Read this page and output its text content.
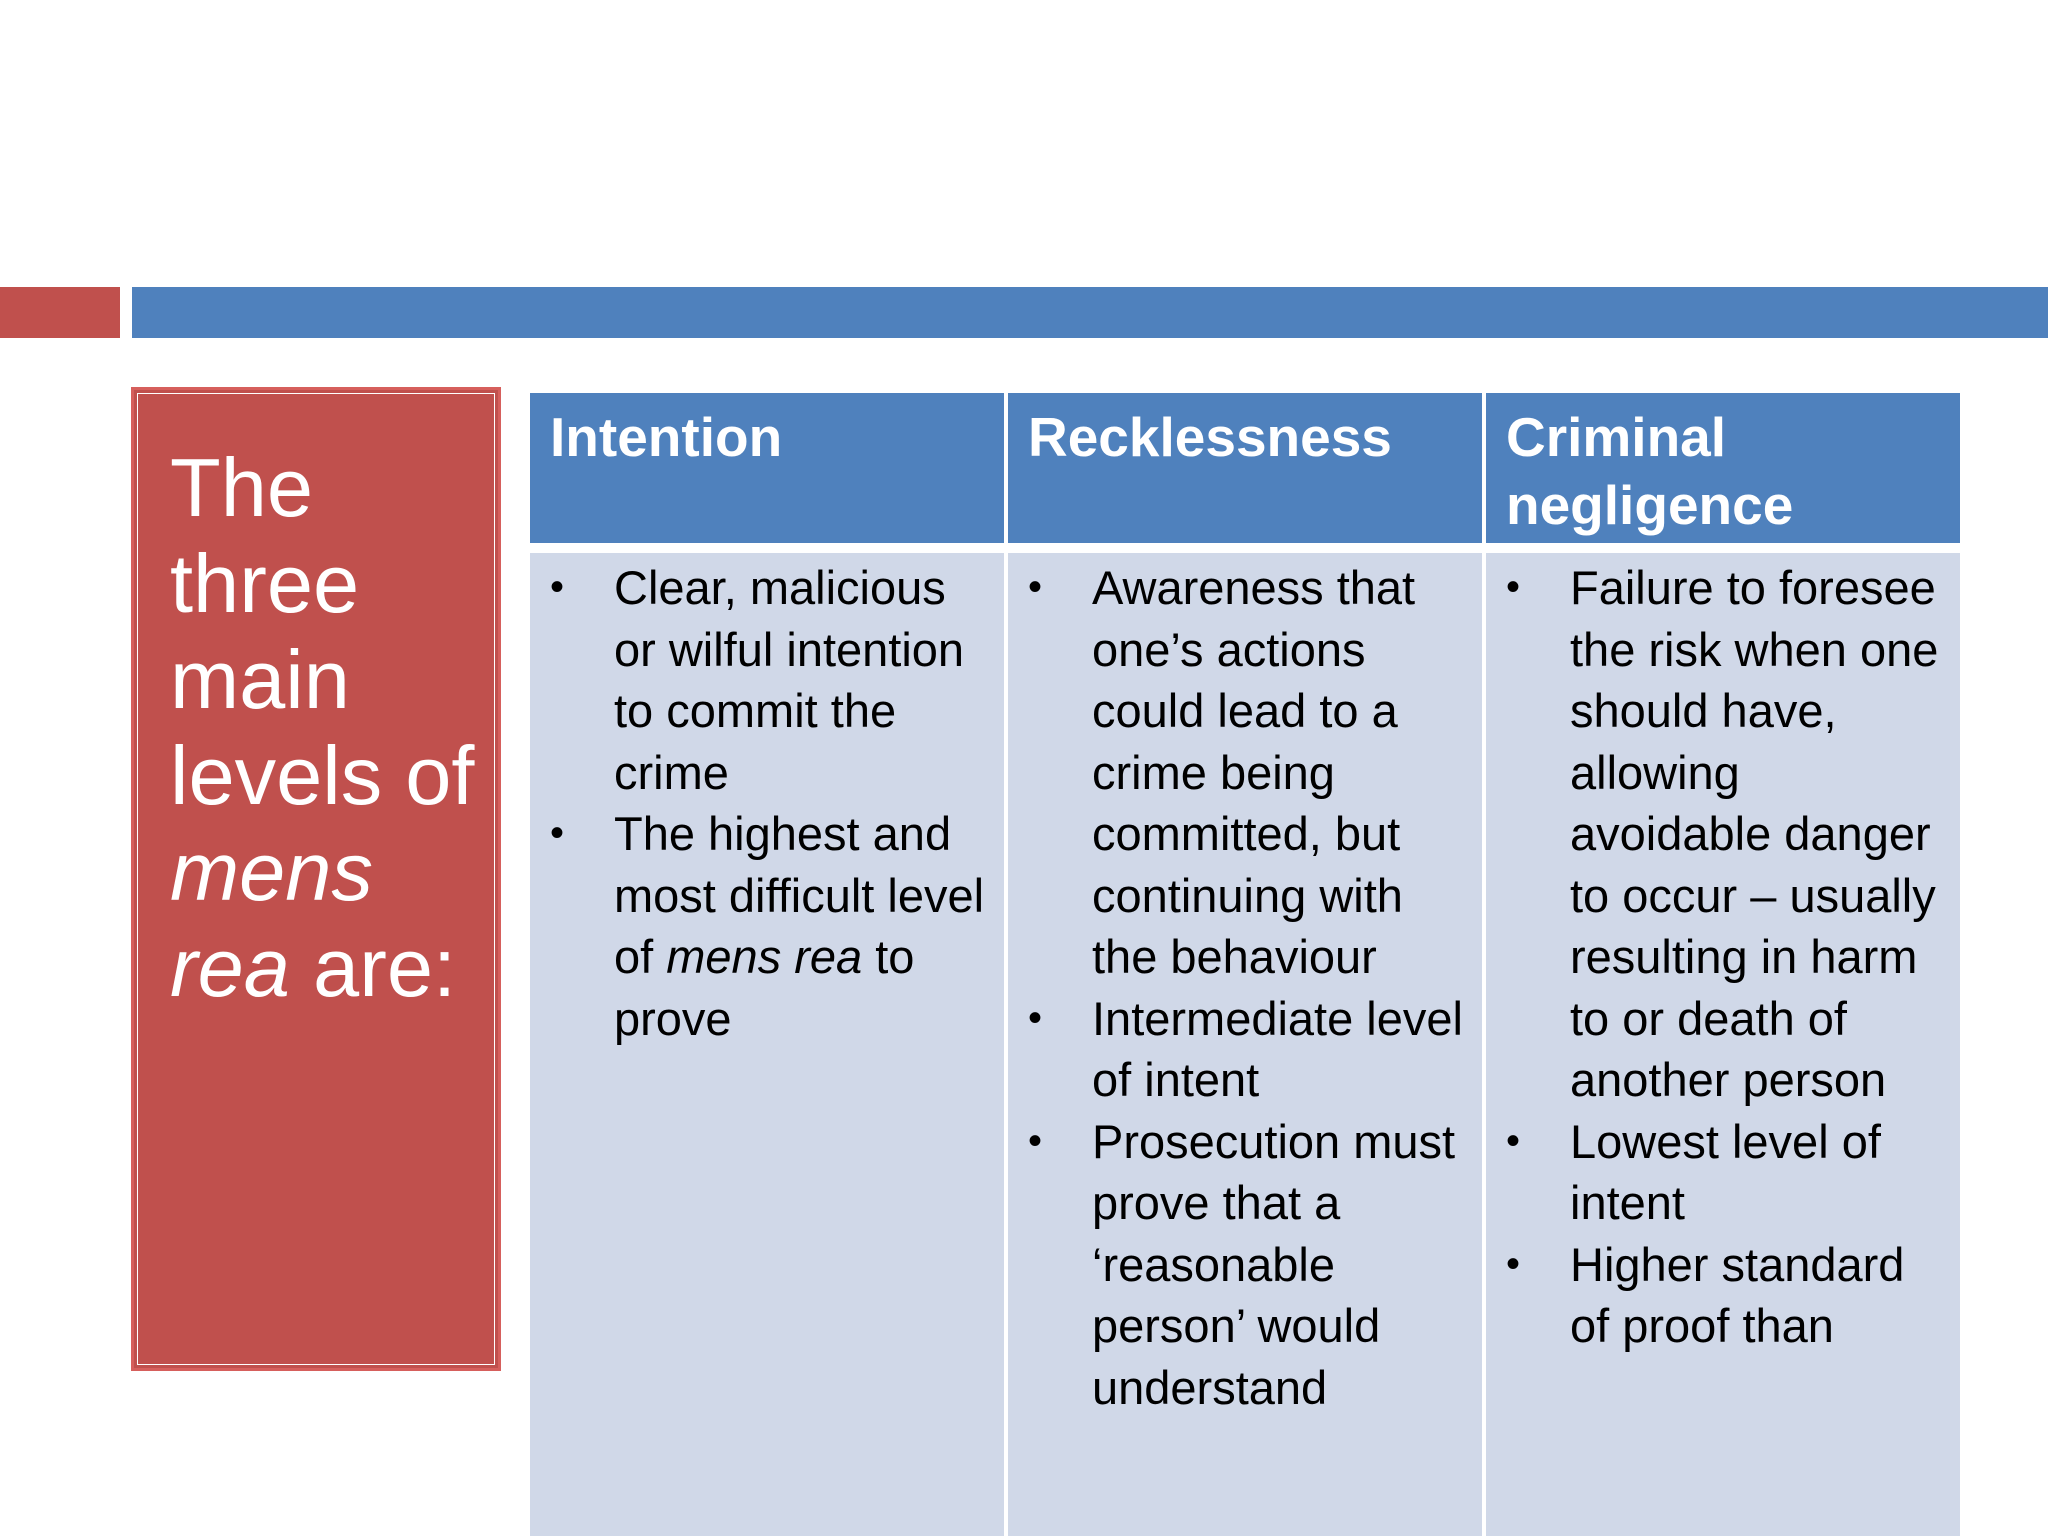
The
three
main
levels of
mens
rea are:
Intention
• Clear, malicious or wilful intention to commit the crime
• The highest and most difficult level of mens rea to prove
Recklessness
• Awareness that one’s actions could lead to a crime being committed, but continuing with the behaviour
• Intermediate level of intent
• Prosecution must prove that a ‘reasonable person’ would understand
Criminal negligence
• Failure to foresee the risk when one should have, allowing avoidable danger to occur – usually resulting in harm to or death of another person
• Lowest level of intent
• Higher standard of proof than
